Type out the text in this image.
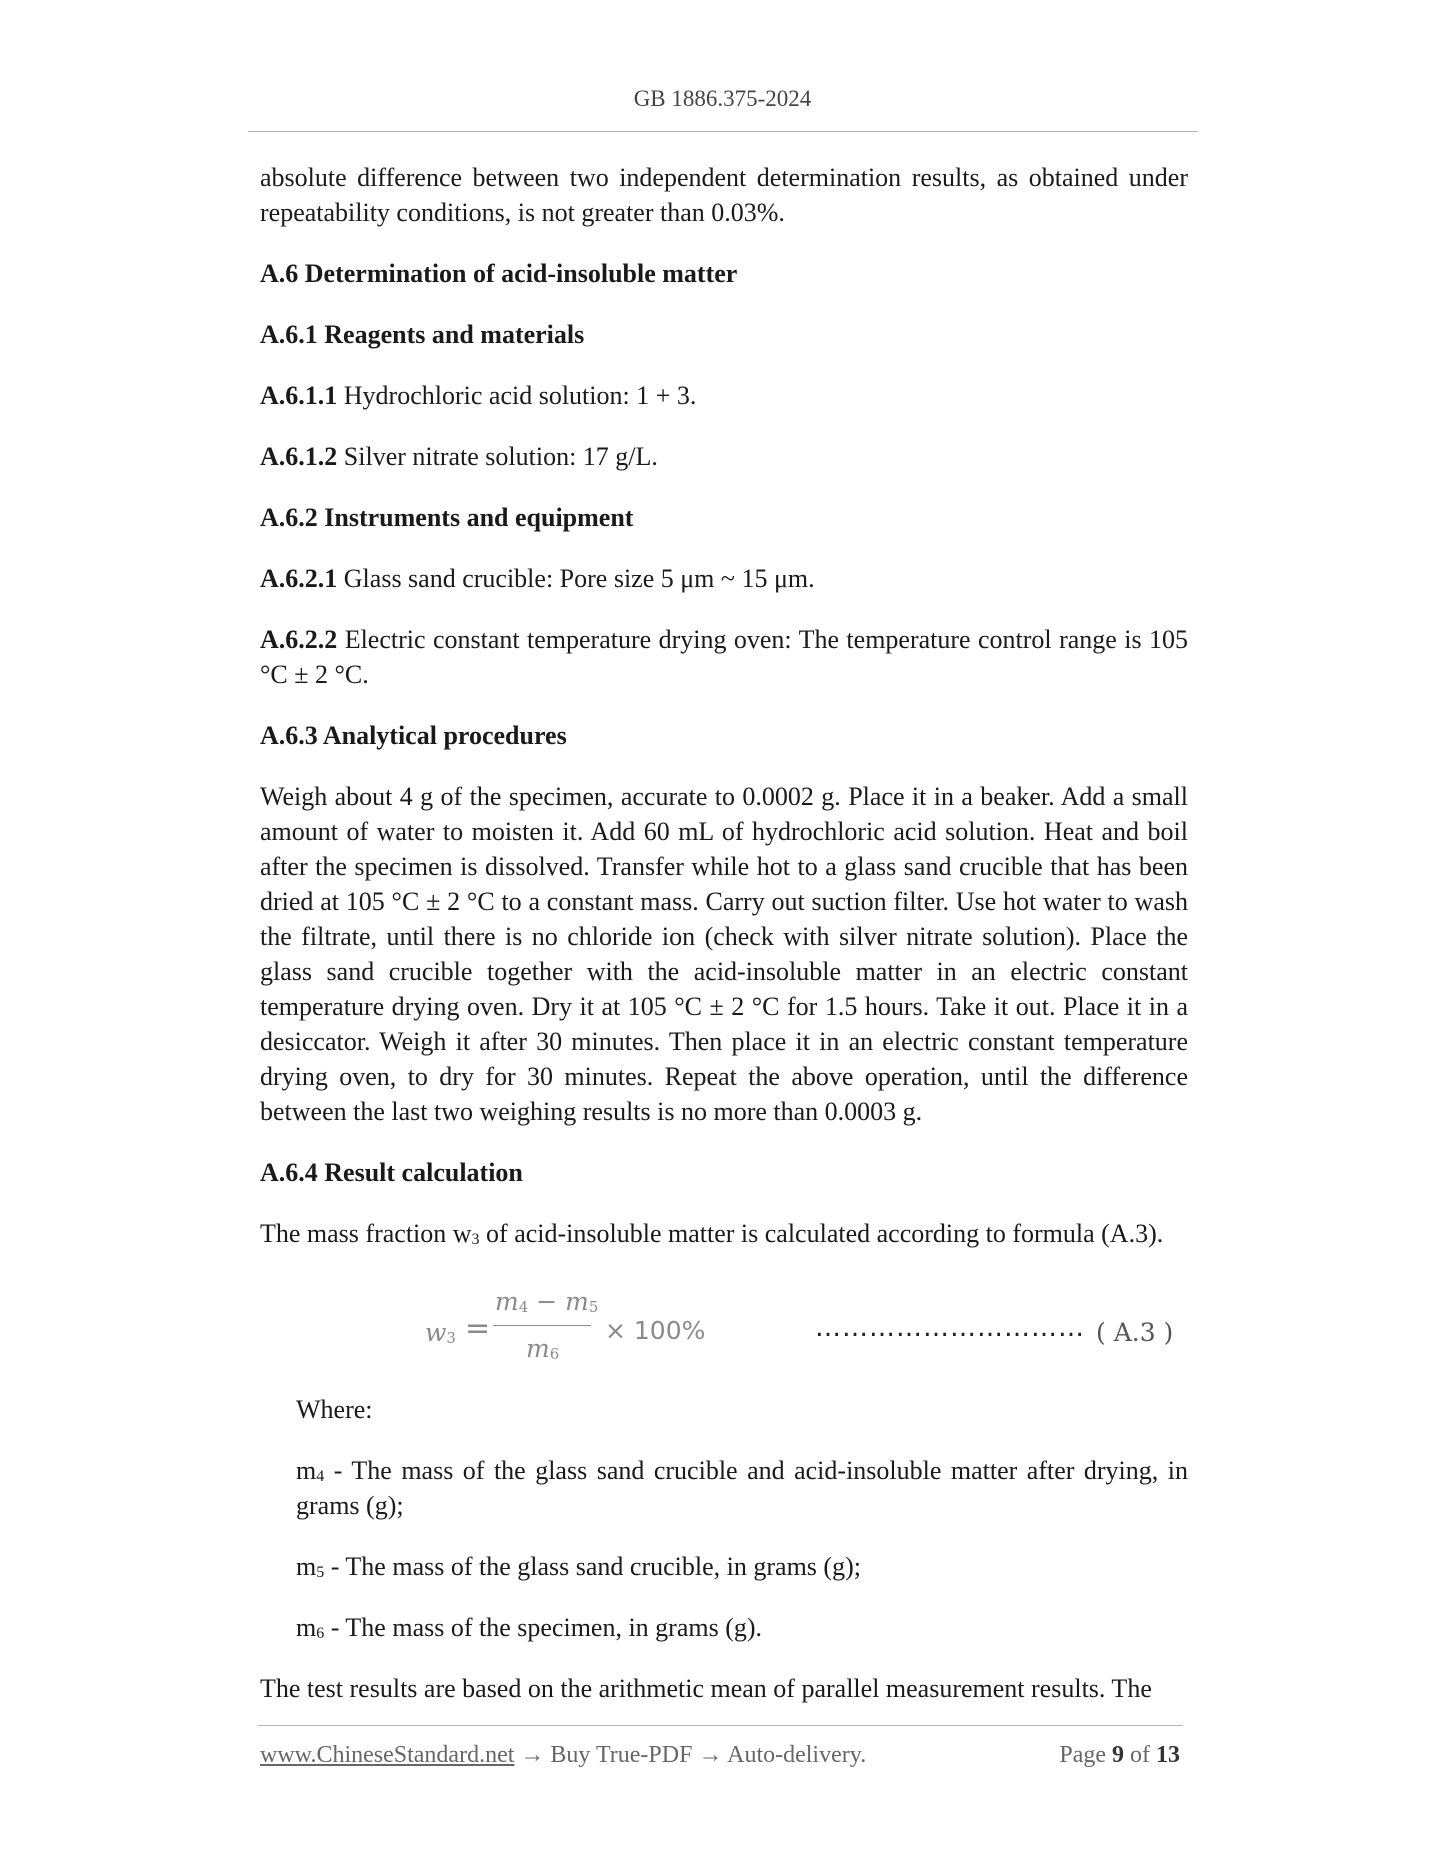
GB 1886.375-2024

absolute difference between two independent determination results, as obtained under repeatability conditions, is not greater than 0.03%.

A.6 Determination of acid-insoluble matter

A.6.1 Reagents and materials

A.6.1.1 Hydrochloric acid solution: 1 + 3.

A.6.1.2 Silver nitrate solution: 17 g/L.

A.6.2 Instruments and equipment

A.6.2.1 Glass sand crucible: Pore size 5 μm ~ 15 μm.

A.6.2.2 Electric constant temperature drying oven: The temperature control range is 105 °C ± 2 °C.

A.6.3 Analytical procedures

Weigh about 4 g of the specimen, accurate to 0.0002 g. Place it in a beaker. Add a small amount of water to moisten it. Add 60 mL of hydrochloric acid solution. Heat and boil after the specimen is dissolved. Transfer while hot to a glass sand crucible that has been dried at 105 °C ± 2 °C to a constant mass. Carry out suction filter. Use hot water to wash the filtrate, until there is no chloride ion (check with silver nitrate solution). Place the glass sand crucible together with the acid-insoluble matter in an electric constant temperature drying oven. Dry it at 105 °C ± 2 °C for 1.5 hours. Take it out. Place it in a desiccator. Weigh it after 30 minutes. Then place it in an electric constant temperature drying oven, to dry for 30 minutes. Repeat the above operation, until the difference between the last two weighing results is no more than 0.0003 g.

A.6.4 Result calculation

The mass fraction $w_3$ of acid-insoluble matter is calculated according to formula (A.3).

$w_3$ =
$m_4 - m_5$
$m_6$
× 100%	………………………… ( A.3 )

Where:

$m_4$ - The mass of the glass sand crucible and acid-insoluble matter after drying, in grams (g);

$m_5$ - The mass of the glass sand crucible, in grams (g);

$m_6$ - The mass of the specimen, in grams (g).

The test results are based on the arithmetic mean of parallel measurement results. The

www.ChineseStandard.net → Buy True-PDF → Auto-delivery.	Page 9 of 13
